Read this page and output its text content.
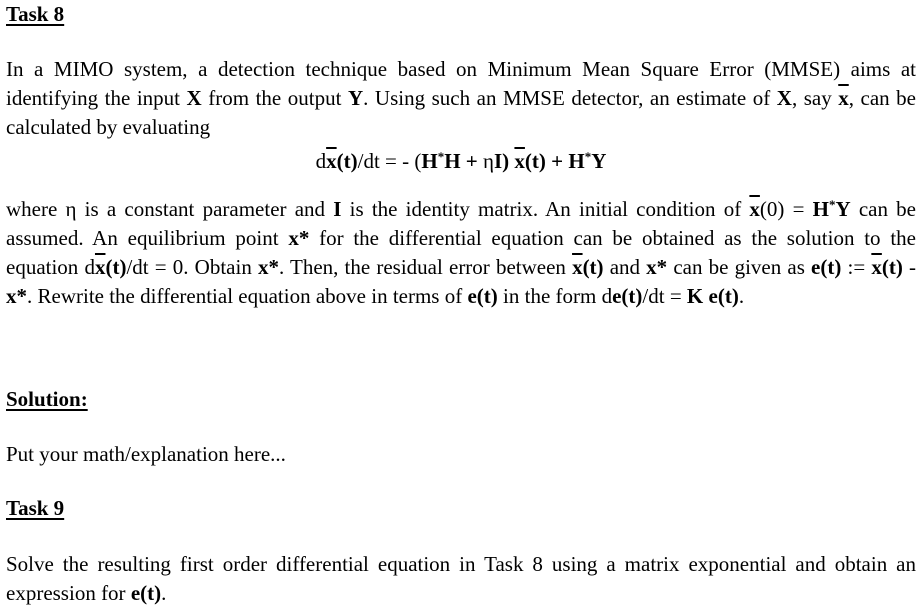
Task 8
In a MIMO system, a detection technique based on Minimum Mean Square Error (MMSE) aims at identifying the input X from the output Y. Using such an MMSE detector, an estimate of X, say $\overline{x}$, can be calculated by evaluating
$d\overline{x}(t)/dt$ = - (H*H + ηI) $\overline{x}(t) + H^*Y$
where η is a constant parameter and I is the identity matrix. An initial condition of $\overline{x}(0) = H^*Y$ can be assumed. An equilibrium point x* for the differential equation can be obtained as the solution to the equation $d\overline{x}(t)/dt = 0$. Obtain x*. Then, the residual error between $\overline{x}(t)$ and x* can be given as e(t) := $\overline{x}(t) - x*$. Rewrite the differential equation above in terms of e(t) in the form de(t)/dt = K e(t).
Solution:
Put your math/explanation here...
Task 9
Solve the resulting first order differential equation in Task 8 using a matrix exponential and obtain an expression for e(t).
